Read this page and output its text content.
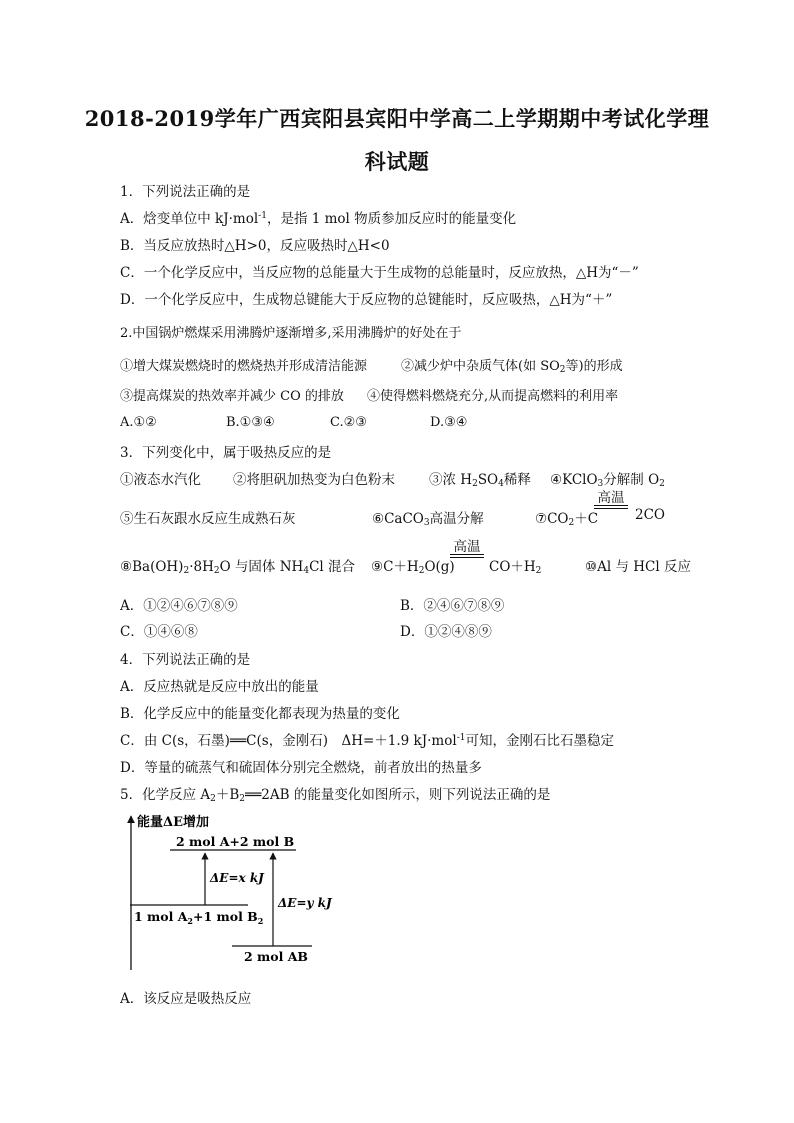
2018-2019学年广西宾阳县宾阳中学高二上学期期中考试化学理
科试题
1．下列说法正确的是
A．焓变单位中 kJ·mol$^{-1}$，是指 1 mol 物质参加反应时的能量变化
B．当反应放热时△H>0，反应吸热时△H<0
C．一个化学反应中，当反应物的总能量大于生成物的总能量时，反应放热，△H为“－”
D．一个化学反应中，生成物总键能大于反应物的总键能时，反应吸热，△H为“＋”
2.中国锅炉燃煤采用沸腾炉逐渐增多,采用沸腾炉的好处在于
①增大煤炭燃烧时的燃烧热并形成清洁能源	②减少炉中杂质气体(如 $SO_2$等)的形成
③提高煤炭的热效率并减少 CO 的排放 ④使得燃料燃烧充分,从而提高燃料的利用率
A.①②	B.①③④	C.②③	D.③④
3．下列变化中，属于吸热反应的是
①液态水汽化 ②将胆矾加热变为白色粉末	③浓 $H_2SO_4$稀释 ④KClO$_3$分解制 $O_2$
⑤生石灰跟水反应生成熟石灰	⑥CaCO$_3$高温分解	$⑦CO_2+C$
高温
2CO
$⑧Ba(OH)_2\cdot 8H_2O$ 与固体 $NH_4Cl$ 混合 $⑨C+H_2O(g)$
高温
$CO+H_2$	⑩Al 与 HCl 反应
A．①②④⑥⑦⑧⑨	B．②④⑥⑦⑧⑨
C．①④⑥⑧	D．①②④⑧⑨
4．下列说法正确的是
A．反应热就是反应中放出的能量
B．化学反应中的能量变化都表现为热量的变化
C．由 C(s，石墨)══C(s，金刚石)　ΔH=＋1.9 kJ·mol$^{-1}$可知，金刚石比石墨稳定
D．等量的硫蒸气和硫固体分别完全燃烧，前者放出的热量多
5．化学反应 $A_2+B_2══2AB$ 的能量变化如图所示，则下列说法正确的是
能量ΔE增加
2 mol A+2 mol B
1 mol $A_2+1$ mol $B_2$
2 mol AB
ΔE=x kJ
ΔE=y kJ
A．该反应是吸热反应
